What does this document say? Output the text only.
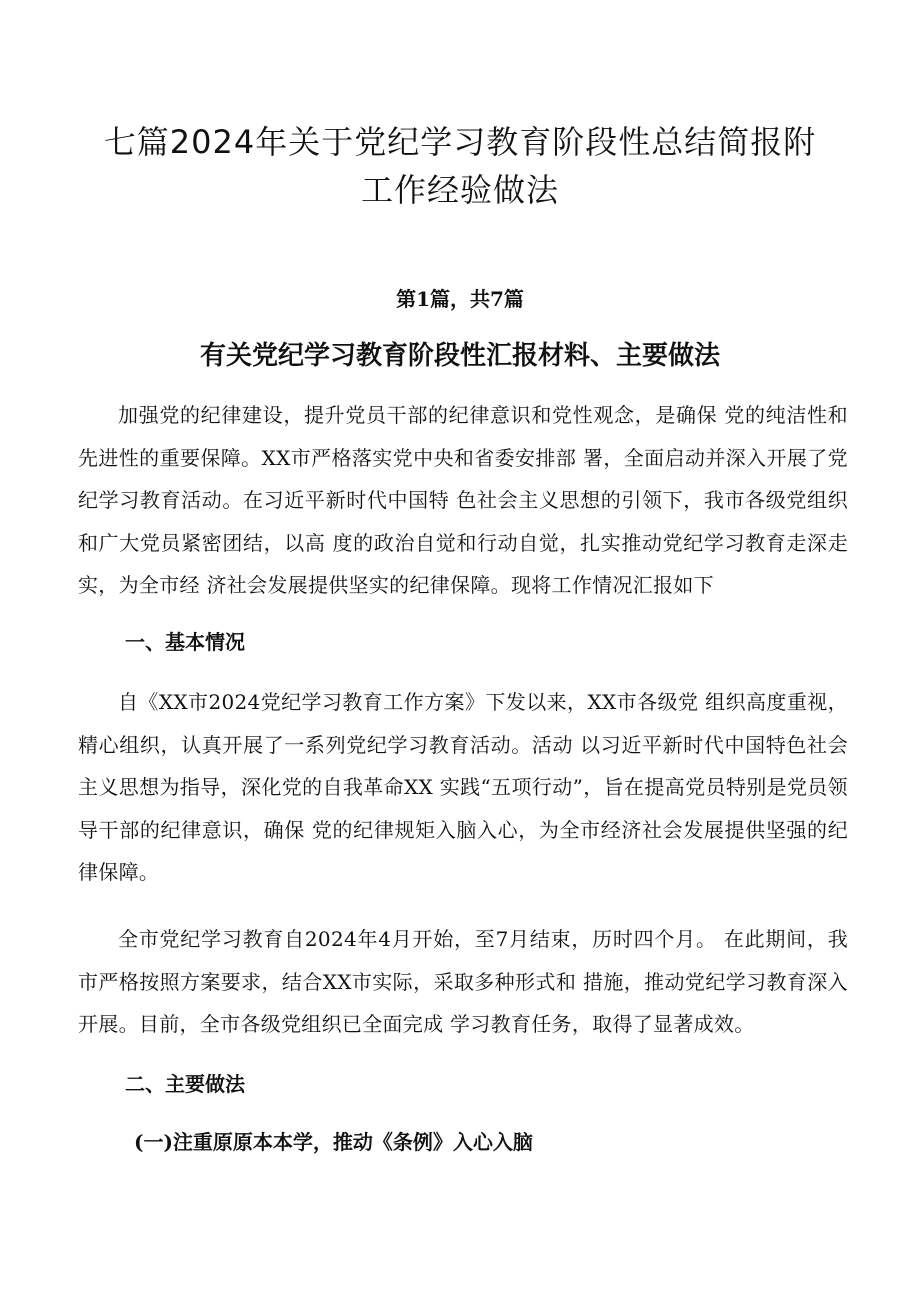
七篇2024年关于党纪学习教育阶段性总结简报附工作经验做法

第1篇，共7篇

有关党纪学习教育阶段性汇报材料、主要做法

加强党的纪律建设，提升党员干部的纪律意识和党性观念，是确保 党的纯洁性和先进性的重要保障。XX市严格落实党中央和省委安排部 署，全面启动并深入开展了党纪学习教育活动。在习近平新时代中国特 色社会主义思想的引领下，我市各级党组织和广大党员紧密团结，以高 度的政治自觉和行动自觉，扎实推动党纪学习教育走深走实，为全市经 济社会发展提供坚实的纪律保障。现将工作情况汇报如下

一、基本情况

自《XX市2024党纪学习教育工作方案》下发以来，XX市各级党 组织高度重视，精心组织，认真开展了一系列党纪学习教育活动。活动 以习近平新时代中国特色社会主义思想为指导，深化党的自我革命XX 实践“五项行动”，旨在提高党员特别是党员领导干部的纪律意识，确保 党的纪律规矩入脑入心，为全市经济社会发展提供坚强的纪律保障。

全市党纪学习教育自2024年4月开始，至7月结束，历时四个月。 在此期间，我市严格按照方案要求，结合XX市实际，采取多种形式和 措施，推动党纪学习教育深入开展。目前，全市各级党组织已全面完成 学习教育任务，取得了显著成效。

二、主要做法
(一)注重原原本本学，推动《条例》入心入脑
